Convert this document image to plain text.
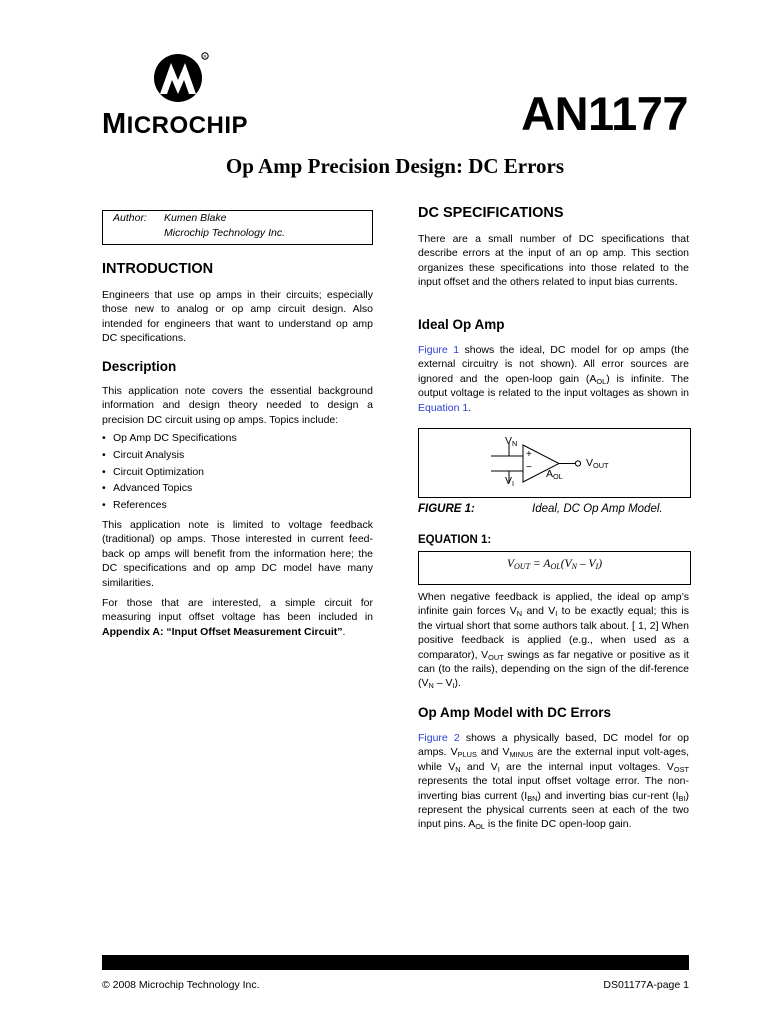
R
MICROCHIP	AN1177
Op Amp Precision Design: DC Errors
Author: Kumen Blake
Microchip Technology Inc.
INTRODUCTION

Engineers that use op amps in their circuits; especially those new to analog or op amp circuit design. Also intended for engineers that want to understand op amp DC specifications.

Description

This application note covers the essential background information and design theory needed to design a precision DC circuit using op amps. Topics include:

• Op Amp DC Specifications
• Circuit Analysis
• Circuit Optimization
• Advanced Topics
• References

This application note is limited to voltage feedback (traditional) op amps. Those interested in current feed-back op amps will benefit from the information here; the DC specifications and op amp DC model have many similarities.

For those that are interested, a simple circuit for measuring input offset voltage has been included in Appendix A: “Input Offset Measurement Circuit”.

DC SPECIFICATIONS

There are a small number of DC specifications that describe errors at the input of an op amp. This section organizes these specifications into those related to the input offset and the others related to input bias currents.

Ideal Op Amp

Figure 1 shows the ideal, DC model for op amps (the external circuitry is not shown). All error sources are ignored and the open-loop gain $(A_{OL})$ is infinite. The output voltage is related to the input voltages as shown in Equation 1.

$V_N$
$V_I$
+
−
$A_{OL}$
$V_{OUT}$
FIGURE 1:	Ideal, DC Op Amp Model.
EQUATION 1:
$V_{OUT} = A_{OL}(V_N - V_I)$

When negative feedback is applied, the ideal op amp’s infinite gain forces $V_N$ and $V_I$ to be exactly equal; this is the virtual short that some authors talk about. [ 1, 2] When positive feedback is applied (e.g., when used as a comparator), $V_{OUT}$ swings as far negative or positive as it can (to the rails), depending on the sign of the dif-ference $(V_N - V_I)$.

Op Amp Model with DC Errors

Figure 2 shows a physically based, DC model for op amps. $V_{PLUS}$ and $V_{MINUS}$ are the external input volt-ages, while $V_N$ and $V_I$ are the internal input voltages. $V_{OST}$ represents the total input offset voltage error. The non-inverting bias current $(I_{BN})$ and inverting bias cur-rent $(I_{BI})$ represent the physical currents seen at each of the two input pins. $A_{OL}$ is the finite DC open-loop gain.

© 2008 Microchip Technology Inc.	DS01177A-page 1
